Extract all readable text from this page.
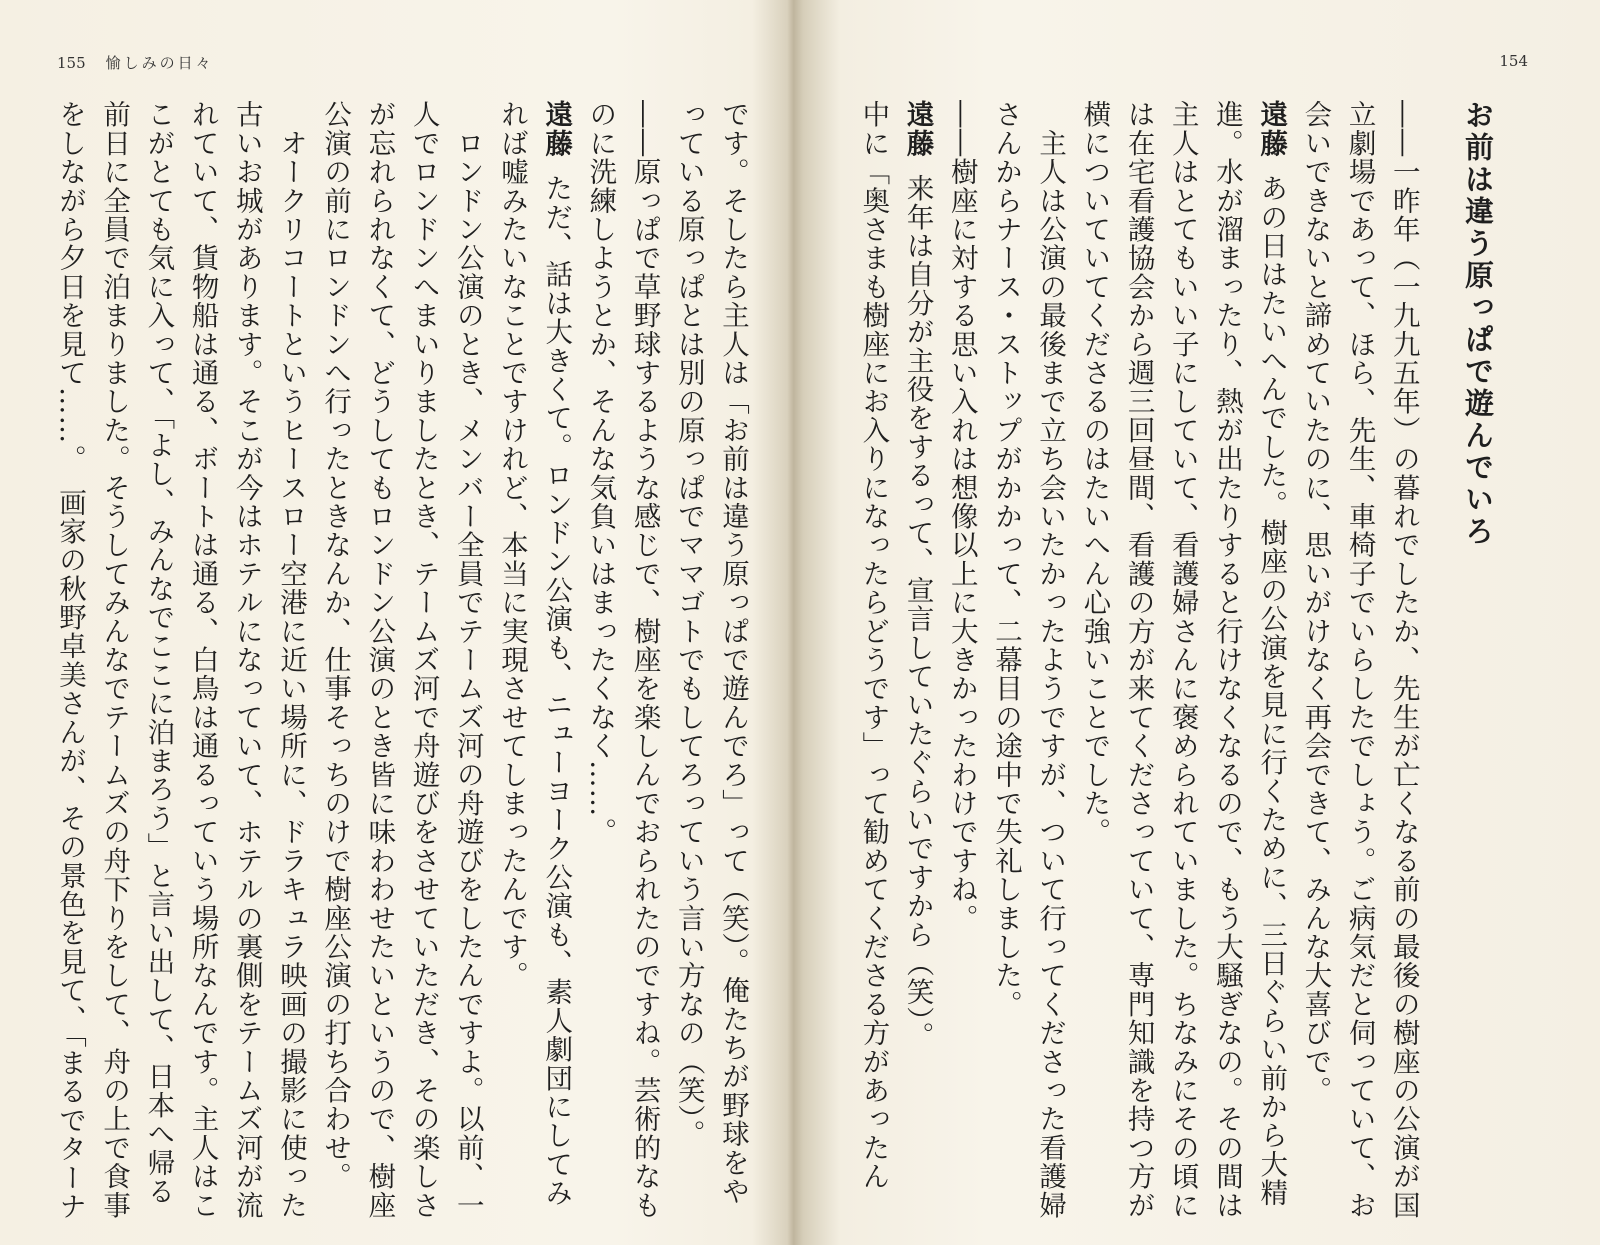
155 愉しみの日々
です。そしたら主人は「お前は違う原っぱで遊んでろ」って（笑）。俺たちが野球をや
っている原っぱとは別の原っぱでママゴトでもしてろっていう言い方なの（笑）。
――原っぱで草野球するような感じで、樹座を楽しんでおられたのですね。芸術的なも
のに洗練しようとか、そんな気負いはまったくなく……。
遠藤ただ、話は大きくて。ロンドン公演も、ニューヨーク公演も、素人劇団にしてみ
れば嘘みたいなことですけれど、本当に実現させてしまったんです。
　ロンドン公演のとき、メンバー全員でテームズ河の舟遊びをしたんですよ。以前、一
人でロンドンへまいりましたとき、テームズ河で舟遊びをさせていただき、その楽しさ
が忘れられなくて、どうしてもロンドン公演のとき皆に味わわせたいというので、樹座
公演の前にロンドンへ行ったときなんか、仕事そっちのけで樹座公演の打ち合わせ。
　オークリコートというヒースロー空港に近い場所に、ドラキュラ映画の撮影に使った
古いお城があります。そこが今はホテルになっていて、ホテルの裏側をテームズ河が流
れていて、貨物船は通る、ボートは通る、白鳥は通るっていう場所なんです。主人はこ
こがとても気に入って、「よし、みんなでここに泊まろう」と言い出して、日本へ帰る
前日に全員で泊まりました。そうしてみんなでテームズの舟下りをして、舟の上で食事
をしながら夕日を見て……。　画家の秋野卓美さんが、その景色を見て、「まるでターナ
154
お前は違う原っぱで遊んでいろ
――一昨年（一九九五年）の暮れでしたか、先生が亡くなる前の最後の樹座の公演が国
立劇場であって、ほら、先生、車椅子でいらしたでしょう。ご病気だと伺っていて、お
会いできないと諦めていたのに、思いがけなく再会できて、みんな大喜びで。
遠藤あの日はたいへんでした。樹座の公演を見に行くために、三日ぐらい前から大精
進。水が溜まったり、熱が出たりすると行けなくなるので、もう大騒ぎなの。その間は
主人はとてもいい子にしていて、看護婦さんに褒められていました。ちなみにその頃に
は在宅看護協会から週三回昼間、看護の方が来てくださっていて、専門知識を持つ方が
横についていてくださるのはたいへん心強いことでした。
　主人は公演の最後まで立ち会いたかったようですが、ついて行ってくださった看護婦
さんからナース・ストップがかかって、二幕目の途中で失礼しました。
――樹座に対する思い入れは想像以上に大きかったわけですね。
遠藤来年は自分が主役をするって、宣言していたぐらいですから（笑）。
中に「奥さまも樹座にお入りになったらどうです」って勧めてくださる方があったん
